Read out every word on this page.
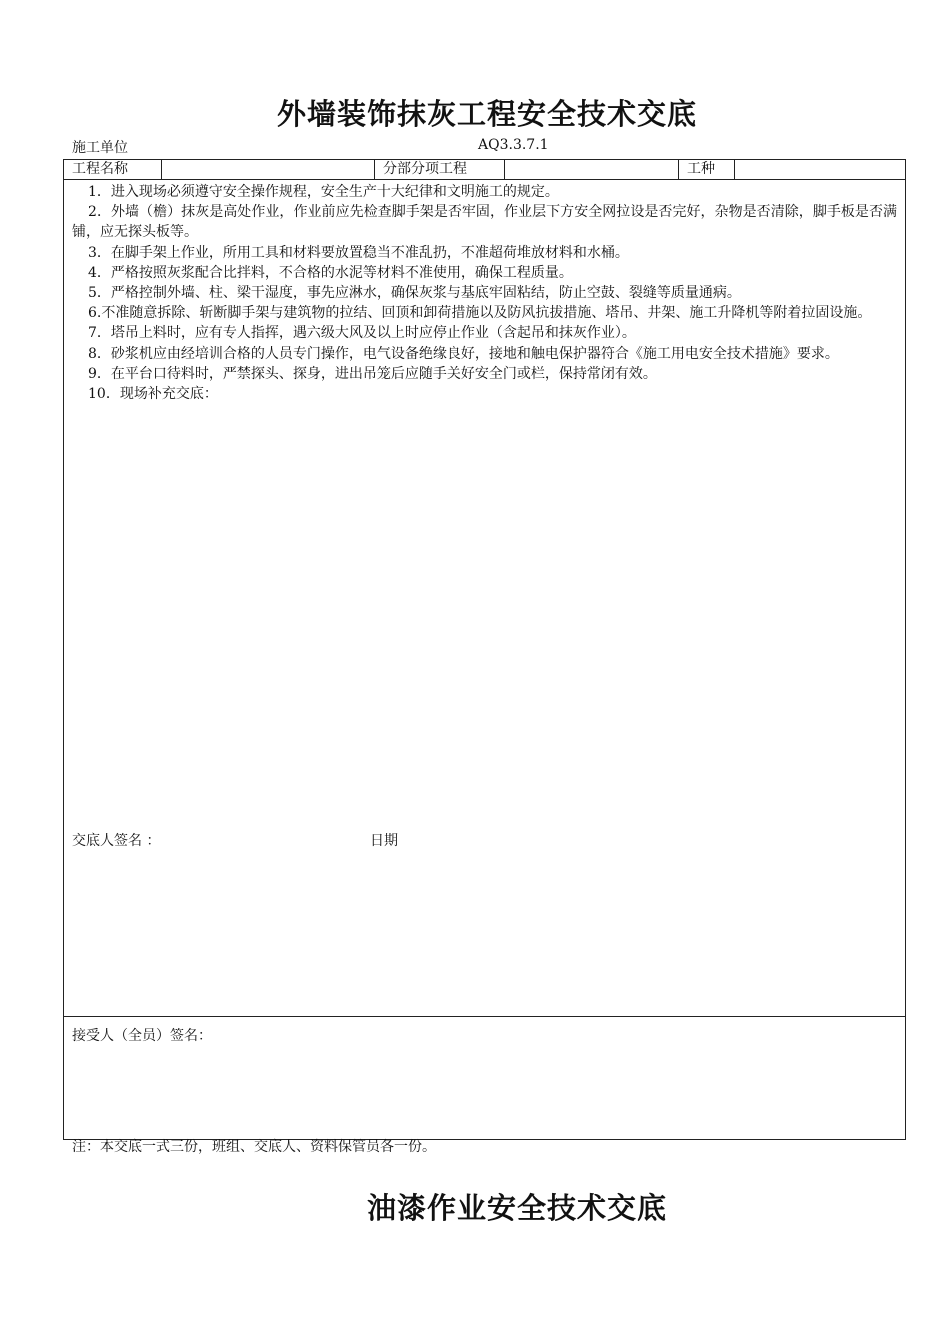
外墙装饰抹灰工程安全技术交底
施工单位	AQ3.3.7.1
工程名称		分部分项工程		工种	

1．进入现场必须遵守安全操作规程，安全生产十大纪律和文明施工的规定。

2．外墙（檐）抹灰是高处作业，作业前应先检查脚手架是否牢固，作业层下方安全网拉设是否完好，杂物是否清除，脚手板是否满铺，应无探头板等。

3．在脚手架上作业，所用工具和材料要放置稳当不准乱扔，不准超荷堆放材料和水桶。

4．严格按照灰浆配合比拌料，不合格的水泥等材料不准使用，确保工程质量。

5．严格控制外墙、柱、梁干湿度，事先应淋水，确保灰浆与基底牢固粘结，防止空鼓、裂缝等质量通病。

6.不准随意拆除、斩断脚手架与建筑物的拉结、回顶和卸荷措施以及防风抗拔措施、塔吊、井架、施工升降机等附着拉固设施。

7．塔吊上料时，应有专人指挥，遇六级大风及以上时应停止作业（含起吊和抹灰作业）。

8．砂浆机应由经培训合格的人员专门操作，电气设备绝缘良好，接地和触电保护器符合《施工用电安全技术措施》要求。

9．在平台口待料时，严禁探头、探身，进出吊笼后应随手关好安全门或栏，保持常闭有效。

10．现场补充交底：

交底人签名 ：	日期

接受人（全员）签名：
注：本交底一式三份，班组、交底人、资料保管员各一份。
油漆作业安全技术交底
